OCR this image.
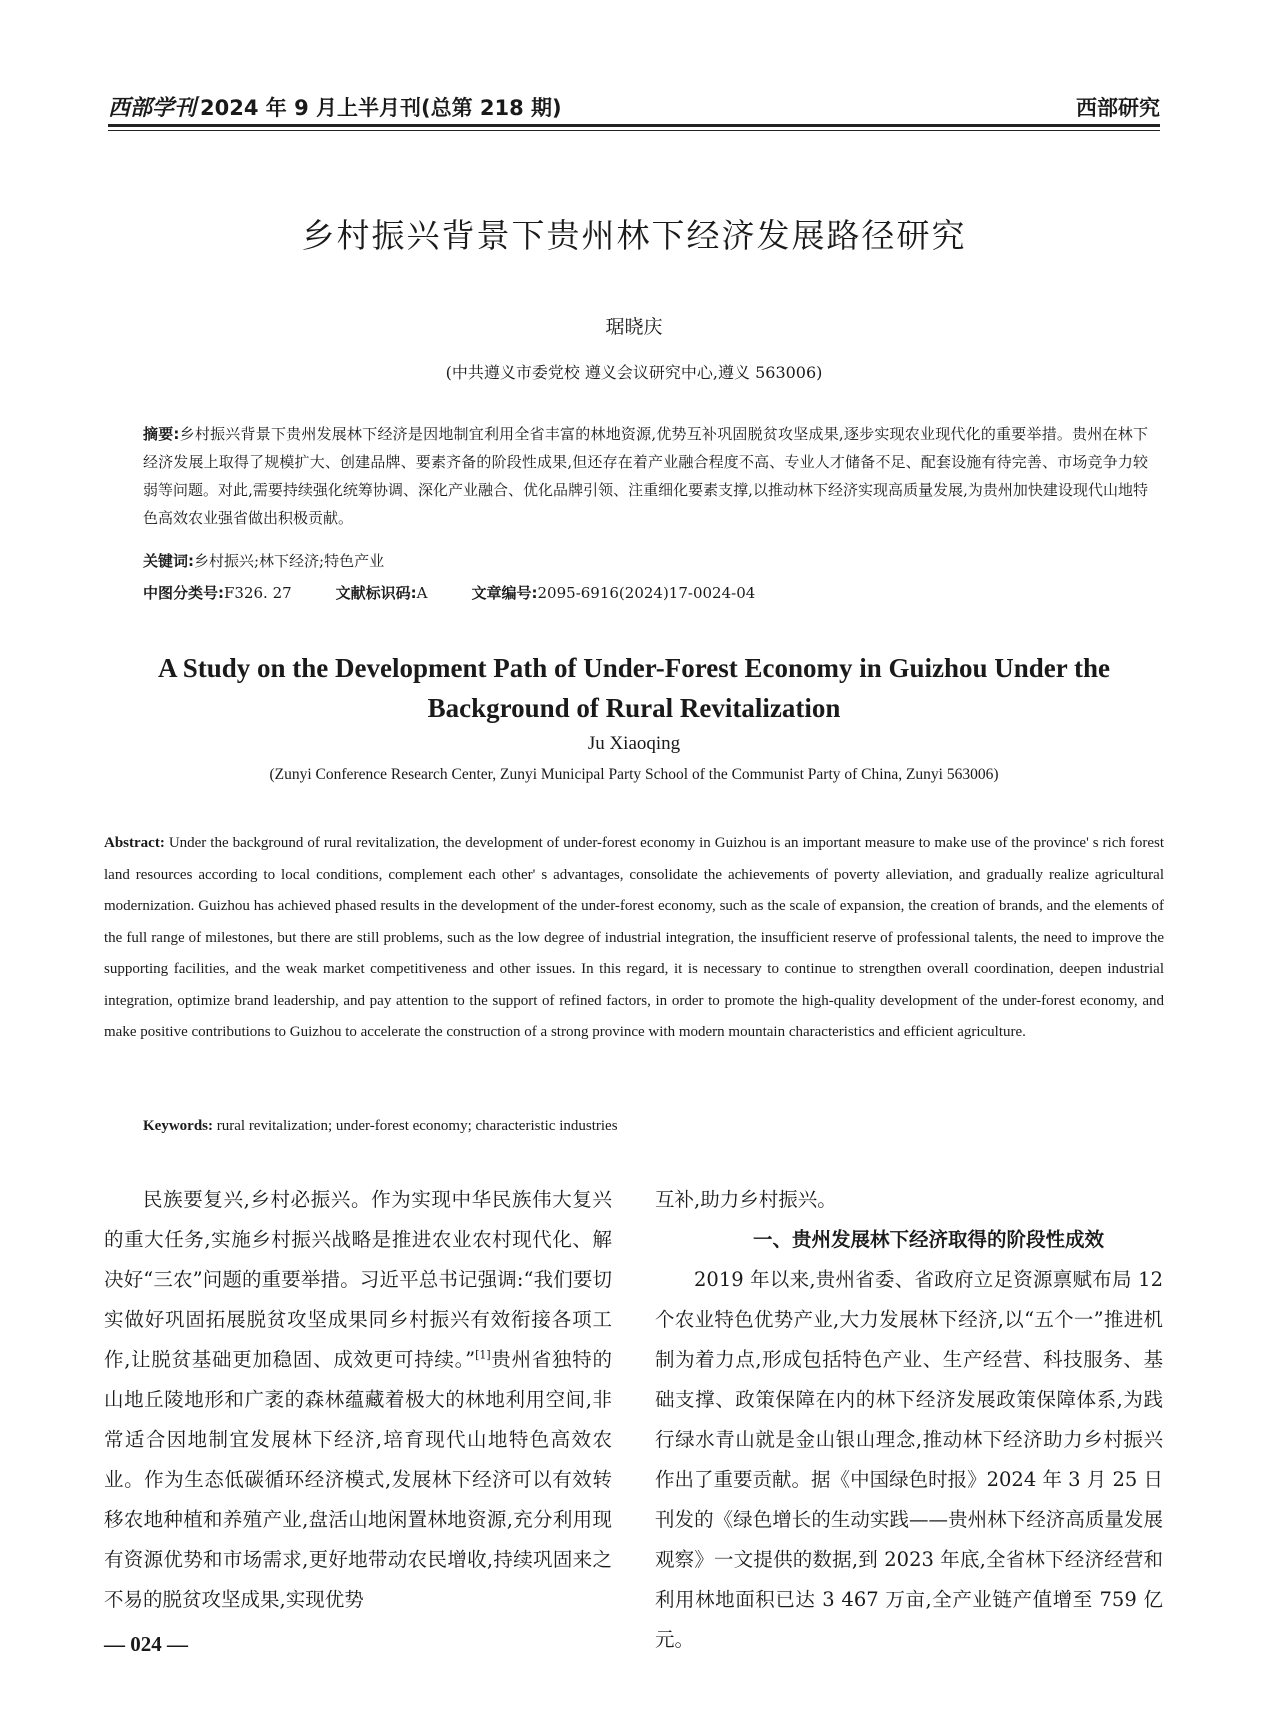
西部学刊 2024 年 9 月上半月刊(总第 218 期)	西部研究
乡村振兴背景下贵州林下经济发展路径研究
琚晓庆
(中共遵义市委党校 遵义会议研究中心,遵义 563006)
摘要:乡村振兴背景下贵州发展林下经济是因地制宜利用全省丰富的林地资源,优势互补巩固脱贫攻坚成果,逐步实现农业现代化的重要举措。贵州在林下经济发展上取得了规模扩大、创建品牌、要素齐备的阶段性成果,但还存在着产业融合程度不高、专业人才储备不足、配套设施有待完善、市场竞争力较弱等问题。对此,需要持续强化统筹协调、深化产业融合、优化品牌引领、注重细化要素支撑,以推动林下经济实现高质量发展,为贵州加快建设现代山地特色高效农业强省做出积极贡献。
关键词:乡村振兴;林下经济;特色产业
中图分类号:F326. 27	文献标识码:A	文章编号:2095-6916(2024)17-0024-04
A Study on the Development Path of Under-Forest Economy in Guizhou Under the Background of Rural Revitalization
Ju Xiaoqing
(Zunyi Conference Research Center, Zunyi Municipal Party School of the Communist Party of China, Zunyi 563006)
Abstract: Under the background of rural revitalization, the development of under-forest economy in Guizhou is an important measure to make use of the province' s rich forest land resources according to local conditions, complement each other' s advantages, consolidate the achievements of poverty alleviation, and gradually realize agricultural modernization. Guizhou has achieved phased results in the development of the under-forest economy, such as the scale of expansion, the creation of brands, and the elements of the full range of milestones, but there are still problems, such as the low degree of industrial integration, the insufficient reserve of professional talents, the need to improve the supporting facilities, and the weak market competitiveness and other issues. In this regard, it is necessary to continue to strengthen overall coordination, deepen industrial integration, optimize brand leadership, and pay attention to the support of refined factors, in order to promote the high-quality development of the under-forest economy, and make positive contributions to Guizhou to accelerate the construction of a strong province with modern mountain characteristics and efficient agriculture.
Keywords: rural revitalization; under-forest economy; characteristic industries

民族要复兴,乡村必振兴。作为实现中华民族伟大复兴的重大任务,实施乡村振兴战略是推进农业农村现代化、解决好“三农”问题的重要举措。习近平总书记强调:“我们要切实做好巩固拓展脱贫攻坚成果同乡村振兴有效衔接各项工作,让脱贫基础更加稳固、成效更可持续。”[1]贵州省独特的山地丘陵地形和广袤的森林蕴藏着极大的林地利用空间,非常适合因地制宜发展林下经济,培育现代山地特色高效农业。作为生态低碳循环经济模式,发展林下经济可以有效转移农地种植和养殖产业,盘活山地闲置林地资源,充分利用现有资源优势和市场需求,更好地带动农民增收,持续巩固来之不易的脱贫攻坚成果,实现优势

互补,助力乡村振兴。

一、贵州发展林下经济取得的阶段性成效

2019 年以来,贵州省委、省政府立足资源禀赋布局 12 个农业特色优势产业,大力发展林下经济,以“五个一”推进机制为着力点,形成包括特色产业、生产经营、科技服务、基础支撑、政策保障在内的林下经济发展政策保障体系,为践行绿水青山就是金山银山理念,推动林下经济助力乡村振兴作出了重要贡献。据《中国绿色时报》2024 年 3 月 25 日刊发的《绿色增长的生动实践——贵州林下经济高质量发展观察》一文提供的数据,到 2023 年底,全省林下经济经营和利用林地面积已达 3 467 万亩,全产业链产值增至 759 亿元。

— 024 —
